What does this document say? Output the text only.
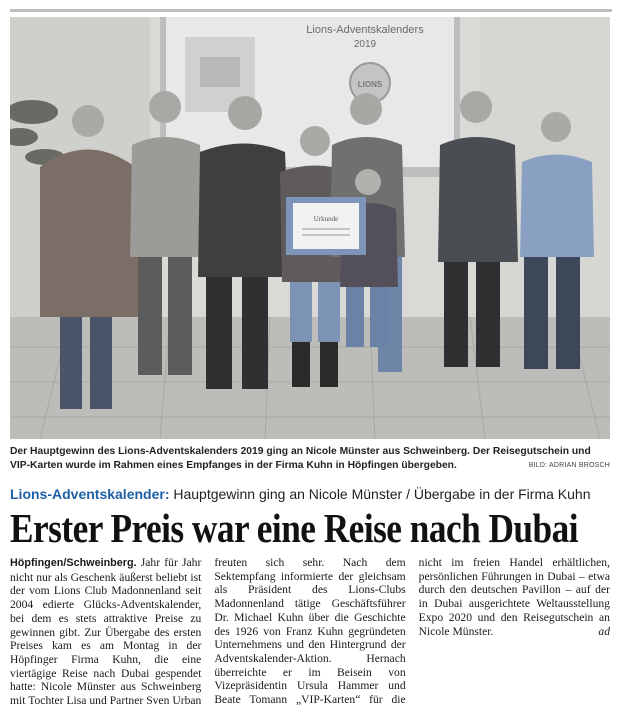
Lions-Adventskalenders
2019
LIONS
Urkunde
Der Hauptgewinn des Lions-Adventskalenders 2019 ging an Nicole Münster aus Schweinberg. Der Reisegutschein und VIP-Karten wurde im Rahmen eines Empfanges in der Firma Kuhn in Höpfingen übergeben.	BILD: ADRIAN BROSCH
Lions-Adventskalender: Hauptgewinn ging an Nicole Münster / Übergabe in der Firma Kuhn
Erster Preis war eine Reise nach Dubai
Höpfingen/Schweinberg. Jahr für Jahr nicht nur als Geschenk äußerst beliebt ist der vom Lions Club Madonnenland seit 2004 edierte Glücks-Adventskalender, bei dem es stets attraktive Preise zu gewinnen gibt. Zur Übergabe des ersten Preises kam es am Montag in der Höpfinger Firma Kuhn, die eine viertägige Reise nach Dubai gespendet hatte: Nicole Münster aus Schweinberg mit Tochter Lisa und Partner Sven Urban freuten sich sehr. Nach dem Sektempfang informierte der gleichsam als Präsident des Lions-Clubs Madonnenland tätige Geschäftsführer Dr. Michael Kuhn über die Geschichte des 1926 von Franz Kuhn gegründeten Unternehmens und den Hintergrund der Adventskalender-Aktion. Hernach überreichte er im Beisein von Vizepräsidentin Ursula Hammer und Beate Tomann „VIP-Karten“ für die nicht im freien Handel erhältlichen, persönlichen Führungen in Dubai – etwa durch den deutschen Pavillon – auf der in Dubai ausgerichtete Weltausstellung Expo 2020 und den Reisegutschein an Nicole Münster.	ad
